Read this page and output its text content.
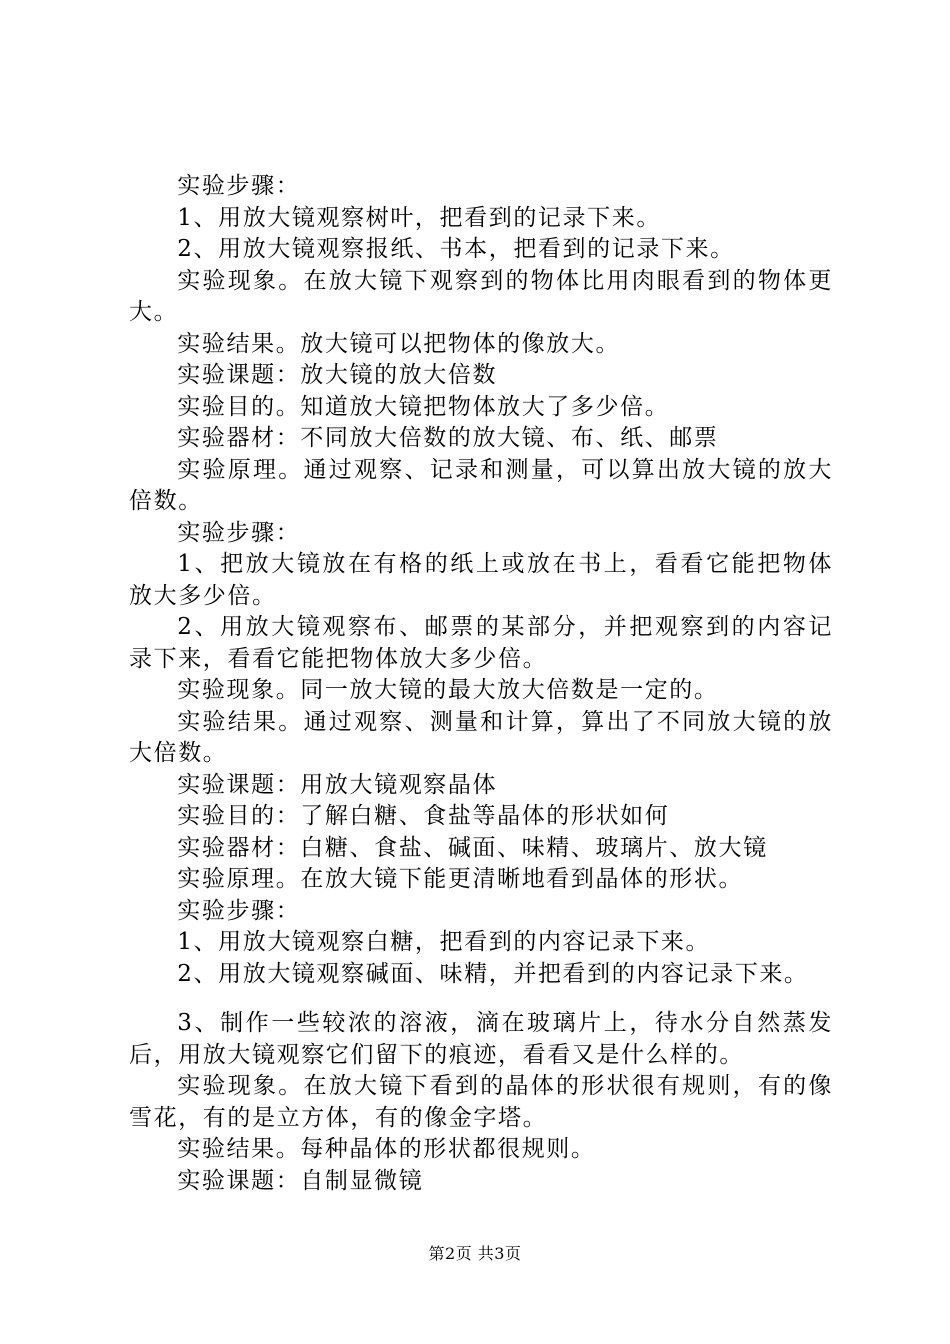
实验步骤：

1、用放大镜观察树叶，把看到的记录下来。

2、用放大镜观察报纸、书本，把看到的记录下来。

实验现象。在放大镜下观察到的物体比用肉眼看到的物体更大。

实验结果。放大镜可以把物体的像放大。

实验课题：放大镜的放大倍数

实验目的。知道放大镜把物体放大了多少倍。

实验器材：不同放大倍数的放大镜、布、纸、邮票

实验原理。通过观察、记录和测量，可以算出放大镜的放大倍数。

实验步骤：

1、把放大镜放在有格的纸上或放在书上，看看它能把物体放大多少倍。

2、用放大镜观察布、邮票的某部分，并把观察到的内容记录下来，看看它能把物体放大多少倍。

实验现象。同一放大镜的最大放大倍数是一定的。

实验结果。通过观察、测量和计算，算出了不同放大镜的放大倍数。

实验课题：用放大镜观察晶体

实验目的：了解白糖、食盐等晶体的形状如何

实验器材：白糖、食盐、碱面、味精、玻璃片、放大镜

实验原理。在放大镜下能更清晰地看到晶体的形状。

实验步骤：

1、用放大镜观察白糖，把看到的内容记录下来。

2、用放大镜观察碱面、味精，并把看到的内容记录下来。

3、制作一些较浓的溶液，滴在玻璃片上，待水分自然蒸发后，用放大镜观察它们留下的痕迹，看看又是什么样的。

实验现象。在放大镜下看到的晶体的形状很有规则，有的像雪花，有的是立方体，有的像金字塔。

实验结果。每种晶体的形状都很规则。

实验课题：自制显微镜

第2页 共3页
